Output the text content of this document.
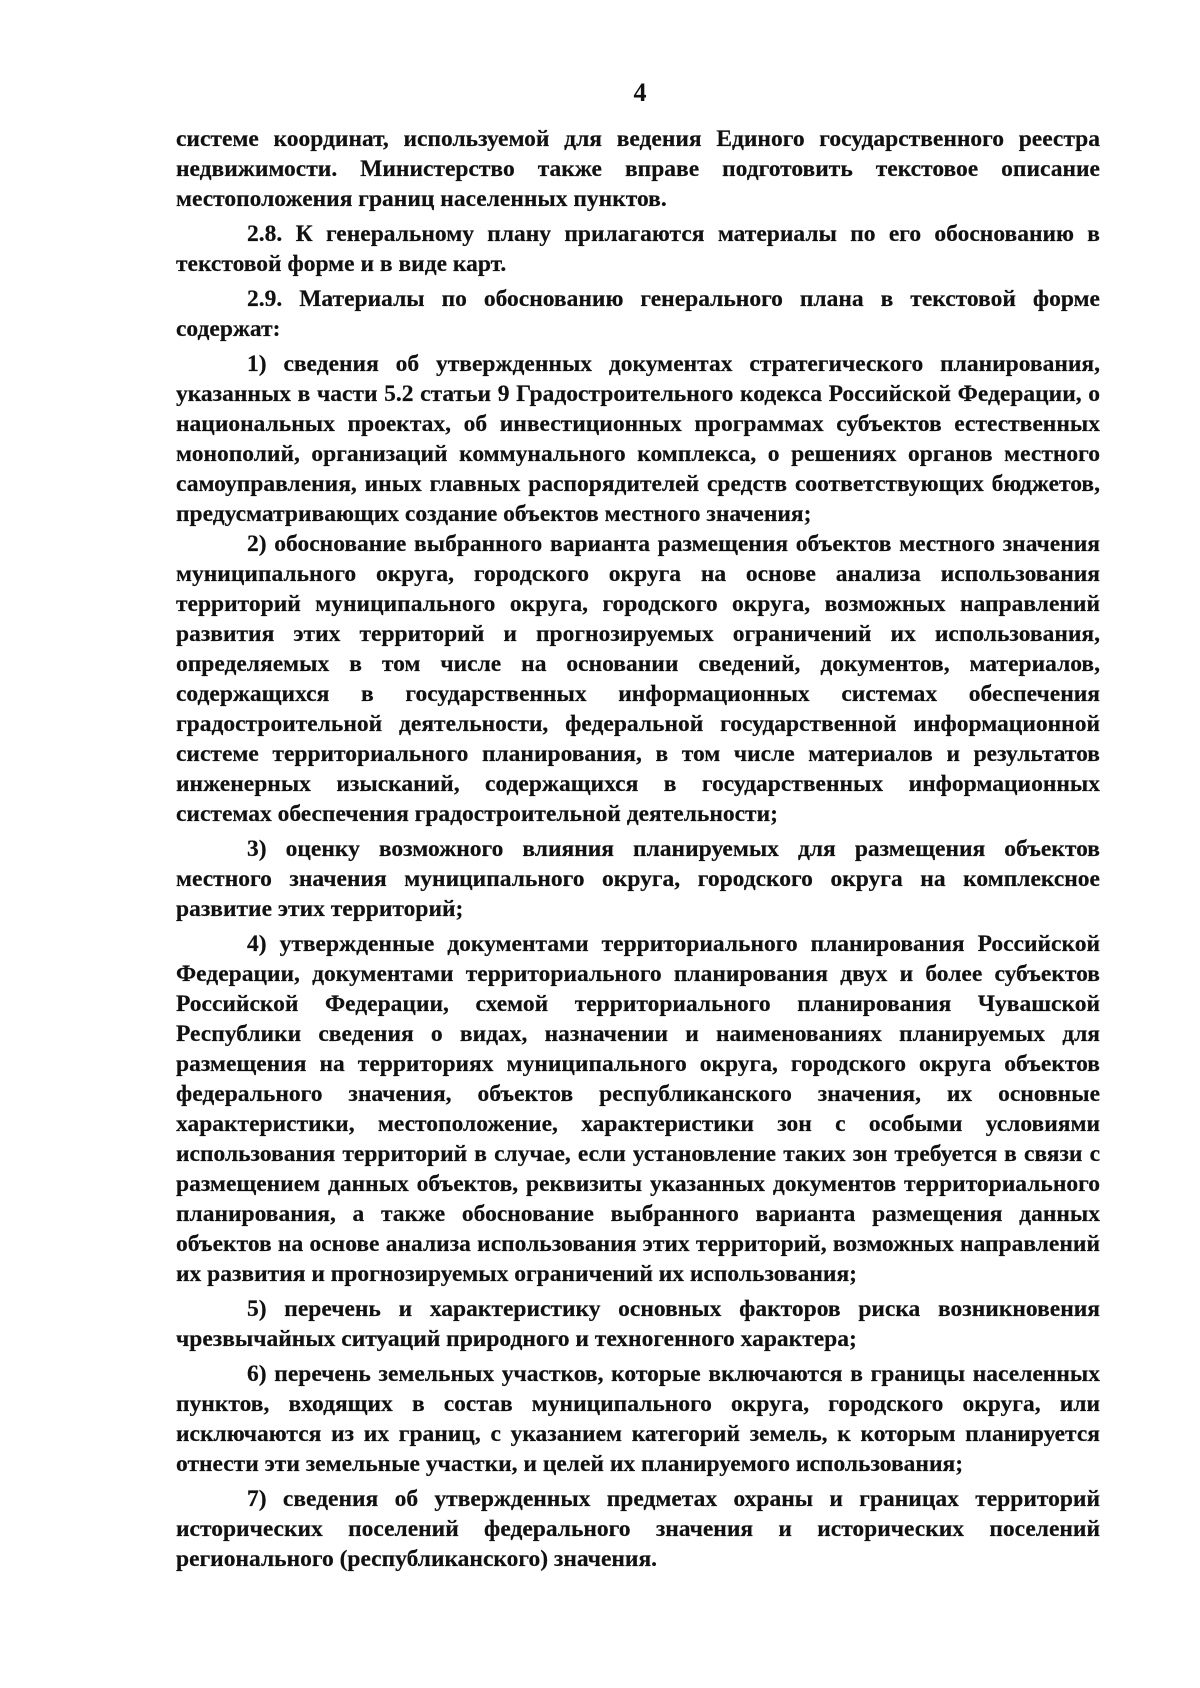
4

системе координат, используемой для ведения Единого государственного реестра недвижимости. Министерство также вправе подготовить текстовое описание местоположения границ населенных пунктов.

2.8. К генеральному плану прилагаются материалы по его обоснованию в текстовой форме и в виде карт.

2.9. Материалы по обоснованию генерального плана в текстовой форме содержат:

1) сведения об утвержденных документах стратегического планирования, указанных в части 5.2 статьи 9 Градостроительного кодекса Российской Федерации, о национальных проектах, об инвестиционных программах субъектов естественных монополий, организаций коммунального комплекса, о решениях органов местного самоуправления, иных главных распорядителей средств соответствующих бюджетов, предусматривающих создание объектов местного значения;

2) обоснование выбранного варианта размещения объектов местного значения муниципального округа, городского округа на основе анализа использования территорий муниципального округа, городского округа, возможных направлений развития этих территорий и прогнозируемых ограничений их использования, определяемых в том числе на основании сведений, документов, материалов, содержащихся в государственных информационных системах обеспечения градостроительной деятельности, федеральной государственной информационной системе территориального планирования, в том числе материалов и результатов инженерных изысканий, содержащихся в государственных информационных системах обеспечения градостроительной деятельности;

3) оценку возможного влияния планируемых для размещения объектов местного значения муниципального округа, городского округа на комплексное развитие этих территорий;

4) утвержденные документами территориального планирования Российской Федерации, документами территориального планирования двух и более субъектов Российской Федерации, схемой территориального планирования Чувашской Республики сведения о видах, назначении и наименованиях планируемых для размещения на территориях муниципального округа, городского округа объектов федерального значения, объектов республиканского значения, их основные характеристики, местоположение, характеристики зон с особыми условиями использования территорий в случае, если установление таких зон требуется в связи с размещением данных объектов, реквизиты указанных документов территориального планирования, а также обоснование выбранного варианта размещения данных объектов на основе анализа использования этих территорий, возможных направлений их развития и прогнозируемых ограничений их использования;

5) перечень и характеристику основных факторов риска возникновения чрезвычайных ситуаций природного и техногенного характера;

6) перечень земельных участков, которые включаются в границы населенных пунктов, входящих в состав муниципального округа, городского округа, или исключаются из их границ, с указанием категорий земель, к которым планируется отнести эти земельные участки, и целей их планируемого использования;

7) сведения об утвержденных предметах охраны и границах территорий исторических поселений федерального значения и исторических поселений регионального (республиканского) значения.
